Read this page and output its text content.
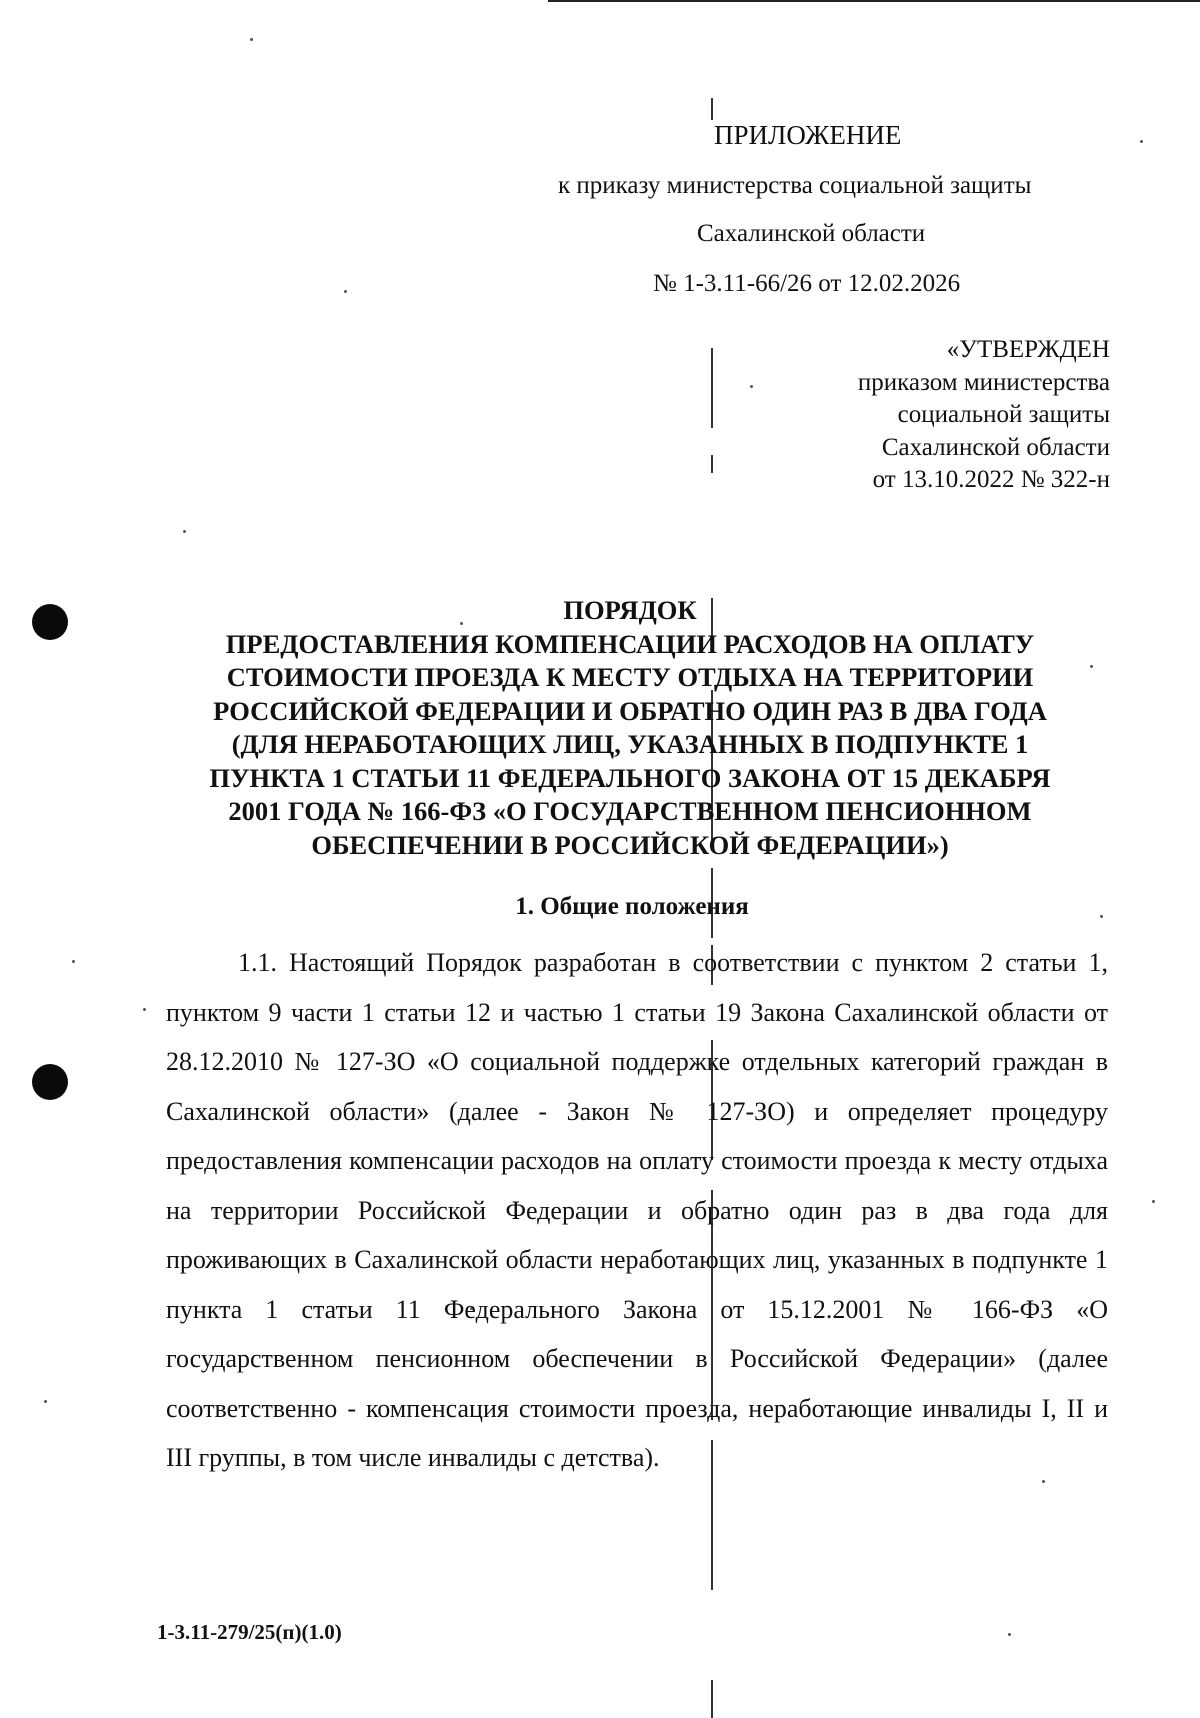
ПРИЛОЖЕНИЕ
к приказу министерства социальной защиты
Сахалинской области
№ 1-3.11-66/26 от 12.02.2026
«УТВЕРЖДЕН
приказом министерства
социальной защиты
Сахалинской области
от 13.10.2022 № 322-н
ПОРЯДОК
ПРЕДОСТАВЛЕНИЯ КОМПЕНСАЦИИ РАСХОДОВ НА ОПЛАТУ
СТОИМОСТИ ПРОЕЗДА К МЕСТУ ОТДЫХА НА ТЕРРИТОРИИ
РОССИЙСКОЙ ФЕДЕРАЦИИ И ОБРАТНО ОДИН РАЗ В ДВА ГОДА
(ДЛЯ НЕРАБОТАЮЩИХ ЛИЦ, УКАЗАННЫХ В ПОДПУНКТЕ 1
ПУНКТА 1 СТАТЬИ 11 ФЕДЕРАЛЬНОГО ЗАКОНА ОТ 15 ДЕКАБРЯ
2001 ГОДА № 166-ФЗ «О ГОСУДАРСТВЕННОМ ПЕНСИОННОМ
ОБЕСПЕЧЕНИИ В РОССИЙСКОЙ ФЕДЕРАЦИИ»)
1. Общие положения
1.1. Настоящий Порядок разработан в соответствии с пунктом 2 статьи 1, пунктом 9 части 1 статьи 12 и частью 1 статьи 19 Закона Сахалинской области от 28.12.2010 № 127-ЗО «О социальной поддержке отдельных категорий граждан в Сахалинской области» (далее - Закон № 127-ЗО) и определяет процедуру предоставления компенсации расходов на оплату стоимости проезда к месту отдыха на территории Российской Федерации и обратно один раз в два года для проживающих в Сахалинской области неработающих лиц, указанных в подпункте 1 пункта 1 статьи 11 Федерального Закона от 15.12.2001 № 166-ФЗ «О государственном пенсионном обеспечении в Российской Федерации» (далее соответственно - компенсация стоимости проезда, неработающие инвалиды I, II и III группы, в том числе инвалиды с детства).
1-3.11-279/25(п)(1.0)
